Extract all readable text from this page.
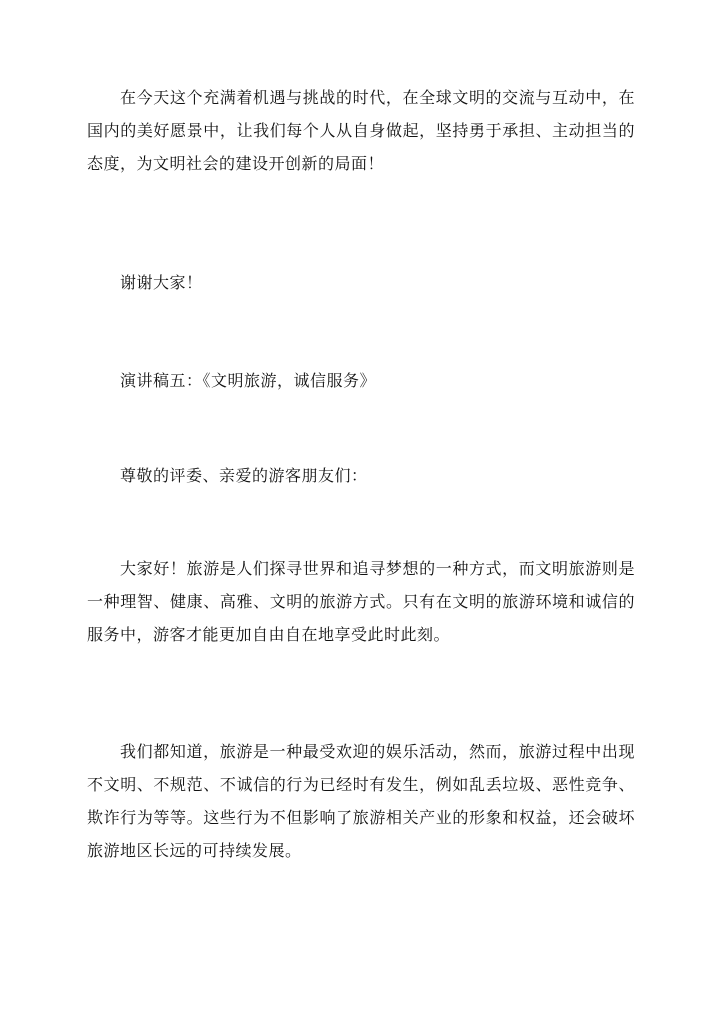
在今天这个充满着机遇与挑战的时代，在全球文明的交流与互动中，在国内的美好愿景中，让我们每个人从自身做起，坚持勇于承担、主动担当的态度，为文明社会的建设开创新的局面！

谢谢大家！

演讲稿五：《文明旅游，诚信服务》

尊敬的评委、亲爱的游客朋友们：

大家好！旅游是人们探寻世界和追寻梦想的一种方式，而文明旅游则是一种理智、健康、高雅、文明的旅游方式。只有在文明的旅游环境和诚信的服务中，游客才能更加自由自在地享受此时此刻。

我们都知道，旅游是一种最受欢迎的娱乐活动，然而，旅游过程中出现不文明、不规范、不诚信的行为已经时有发生，例如乱丢垃圾、恶性竞争、欺诈行为等等。这些行为不但影响了旅游相关产业的形象和权益，还会破坏旅游地区长远的可持续发展。
